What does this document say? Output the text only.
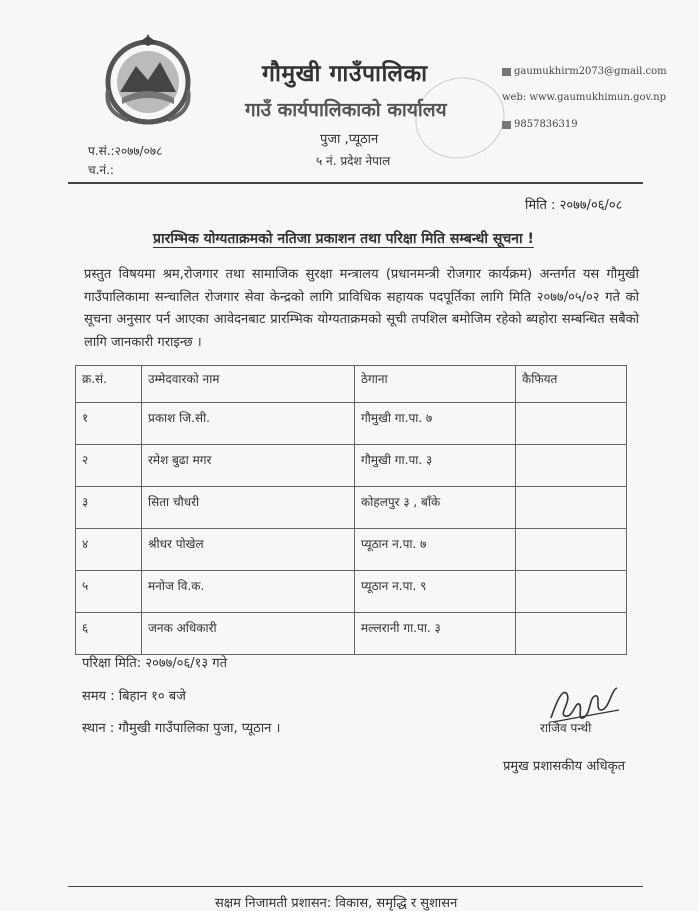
गौमुखी गाउँपालिका
गाउँ कार्यपालिकाको कार्यालय
पुजा ,प्यूठान
५ नं. प्रदेश नेपाल
gaumukhirm2073@gmail.com
web: www.gaumukhimun.gov.np
9857836319
प.सं.:२०७७/०७८
च.नं.:
मिति : २०७७/०६/०८
प्रारम्भिक योग्यताक्रमको नतिजा प्रकाशन तथा परिक्षा मिति सम्बन्धी सूचना !
प्रस्तुत विषयमा श्रम,रोजगार तथा सामाजिक सुरक्षा मन्त्रालय (प्रधानमन्त्री रोजगार कार्यक्रम) अन्तर्गत यस गौमुखी गाउँपालिकामा सन्चालित रोजगार सेवा केन्द्रको लागि प्राविधिक सहायक पदपूर्तिका लागि मिति २०७७/०५/०२ गते को सूचना अनुसार पर्न आएका आवेदनबाट प्रारम्भिक योग्यताक्रमको सूची तपशिल बमोजिम रहेको ब्यहोरा सम्बन्धित सबैको लागि जानकारी गराइन्छ ।
क्र.सं.	उम्मेदवारको नाम	ठेगाना	कैफियत
१	प्रकाश जि.सी.	गौमुखी गा.पा. ७	
२	रमेश बुढा मगर	गौमुखी गा.पा. ३	
३	सिता चौधरी	कोहलपुर ३ , बाँके	
४	श्रीधर पोखेल	प्यूठान न.पा. ७	
५	मनोज वि.क.	प्यूठान न.पा. ९	
६	जनक अधिकारी	मल्लरानी गा.पा. ३	
परिक्षा मिति: २०७७/०६/१३ गते
समय : बिहान १० बजे
स्थान : गौमुखी गाउँपालिका पुजा, प्यूठान ।	राजिव पन्थी
प्रमुख प्रशासकीय अधिकृत
सक्षम निजामती प्रशासन: विकास, समृद्धि र सुशासन
